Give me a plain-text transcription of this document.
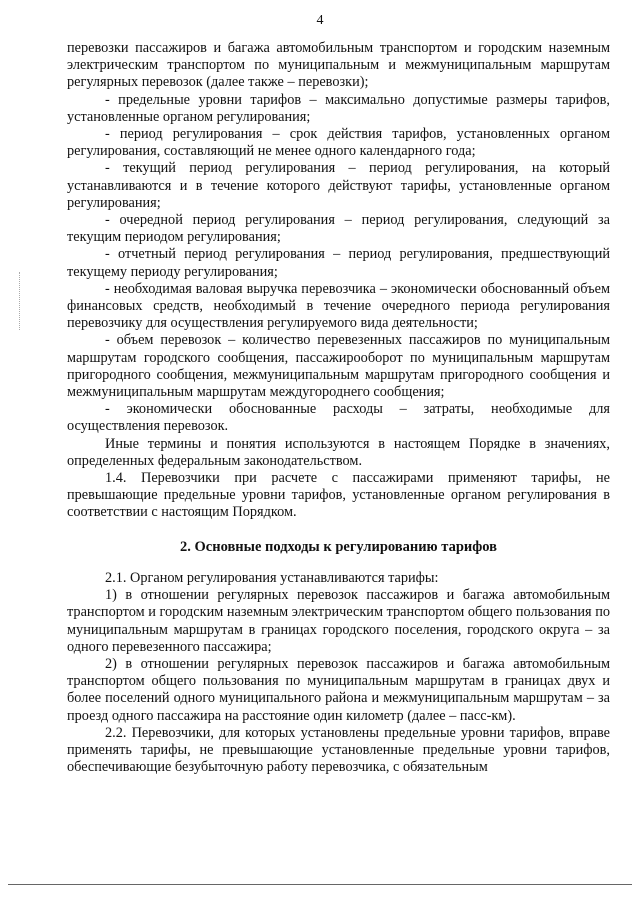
4

перевозки пассажиров и багажа автомобильным транспортом и городским наземным электрическим транспортом по муниципальным и межмуниципальным маршрутам регулярных перевозок (далее также – перевозки);

- предельные уровни тарифов – максимально допустимые размеры тарифов, установленные органом регулирования;

- период регулирования – срок действия тарифов, установленных органом регулирования, составляющий не менее одного календарного года;

- текущий период регулирования – период регулирования, на который устанавливаются и в течение которого действуют тарифы, установленные органом регулирования;

- очередной период регулирования – период регулирования, следующий за текущим периодом регулирования;

- отчетный период регулирования – период регулирования, предшествующий текущему периоду регулирования;

- необходимая валовая выручка перевозчика – экономически обоснованный объем финансовых средств, необходимый в течение очередного периода регулирования перевозчику для осуществления регулируемого вида деятельности;

- объем перевозок – количество перевезенных пассажиров по муниципальным маршрутам городского сообщения, пассажирооборот по муниципальным маршрутам пригородного сообщения, межмуниципальным маршрутам пригородного сообщения и межмуниципальным маршрутам междугороднего сообщения;

- экономически обоснованные расходы – затраты, необходимые для осуществления перевозок.

Иные термины и понятия используются в настоящем Порядке в значениях, определенных федеральным законодательством.

1.4. Перевозчики при расчете с пассажирами применяют тарифы, не превышающие предельные уровни тарифов, установленные органом регулирования в соответствии с настоящим Порядком.

2. Основные подходы к регулированию тарифов

2.1. Органом регулирования устанавливаются тарифы:

1) в отношении регулярных перевозок пассажиров и багажа автомобильным транспортом и городским наземным электрическим транспортом общего пользования по муниципальным маршрутам в границах городского поселения, городского округа – за одного перевезенного пассажира;

2) в отношении регулярных перевозок пассажиров и багажа автомобильным транспортом общего пользования по муниципальным маршрутам в границах двух и более поселений одного муниципального района и межмуниципальным маршрутам – за проезд одного пассажира на расстояние один километр (далее – пасс-км).

2.2. Перевозчики, для которых установлены предельные уровни тарифов, вправе применять тарифы, не превышающие установленные предельные уровни тарифов, обеспечивающие безубыточную работу перевозчика, с обязательным
